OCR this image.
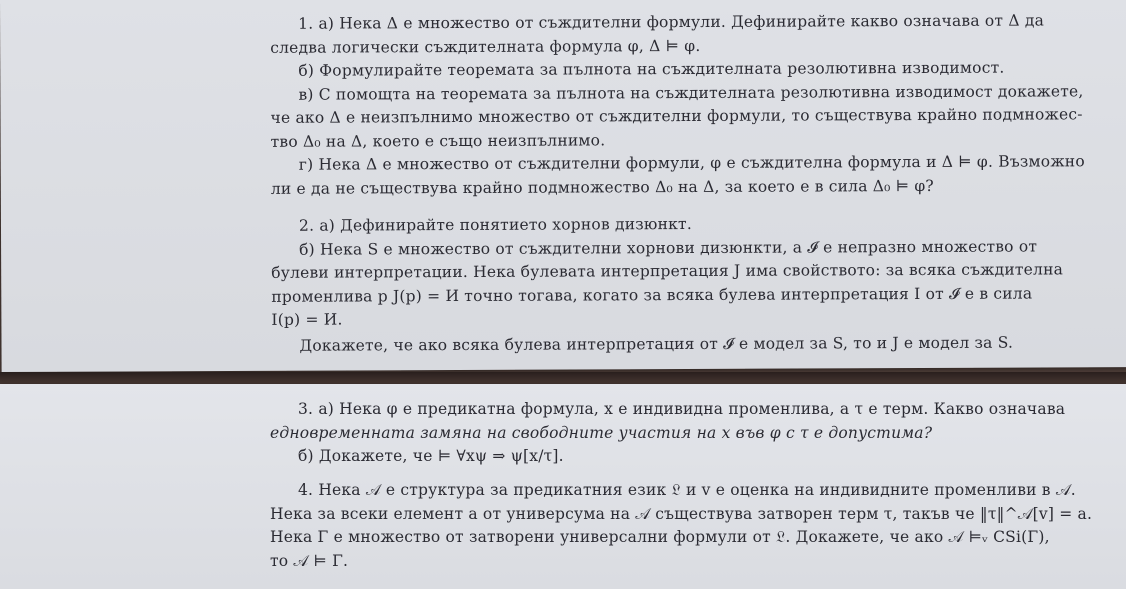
1. а) Нека Δ е множество от съждителни формули. Дефинирайте какво означава от Δ да
следва логически съждителната формула φ, Δ ⊨ φ.
б) Формулирайте теоремата за пълнота на съждителната резолютивна изводимост.
в) С помощта на теоремата за пълнота на съждителната резолютивна изводимост докажете,
че ако Δ е неизпълнимо множество от съждителни формули, то съществува крайно подмножес-
тво Δ₀ на Δ, което е също неизпълнимо.
г) Нека Δ е множество от съждителни формули, φ е съждителна формула и Δ ⊨ φ. Възможно
ли е да не съществува крайно подмножество Δ₀ на Δ, за което е в сила Δ₀ ⊨ φ?
2. а) Дефинирайте понятието хорнов дизюнкт.
б) Нека S е множество от съждителни хорнови дизюнкти, а 𝓘 е непразно множество от
булеви интерпретации. Нека булевата интерпретация J има свойството: за всяка съждителна
променлива p J(p) = И точно тогава, когато за всяка булева интерпретация I от 𝓘 е в сила
I(p) = И.
Докажете, че ако всяка булева интерпретация от 𝓘 е модел за S, то и J е модел за S.
3. а) Нека φ е предикатна формула, x е индивидна променлива, а τ е терм. Какво означава
едновременната замяна на свободните участия на x във φ с τ е допустима?
б) Докажете, че ⊨ ∀xψ ⇒ ψ[x/τ].
4. Нека 𝒜 е структура за предикатния език 𝔏 и v е оценка на индивидните променливи в 𝒜.
Нека за всеки елемент a от универсума на 𝒜 съществува затворен терм τ, такъв че ‖τ‖^𝒜[v] = a.
Нека Γ е множество от затворени универсални формули от 𝔏. Докажете, че ако 𝒜 ⊨ᵥ CSi(Γ),
то 𝒜 ⊨ Γ.
